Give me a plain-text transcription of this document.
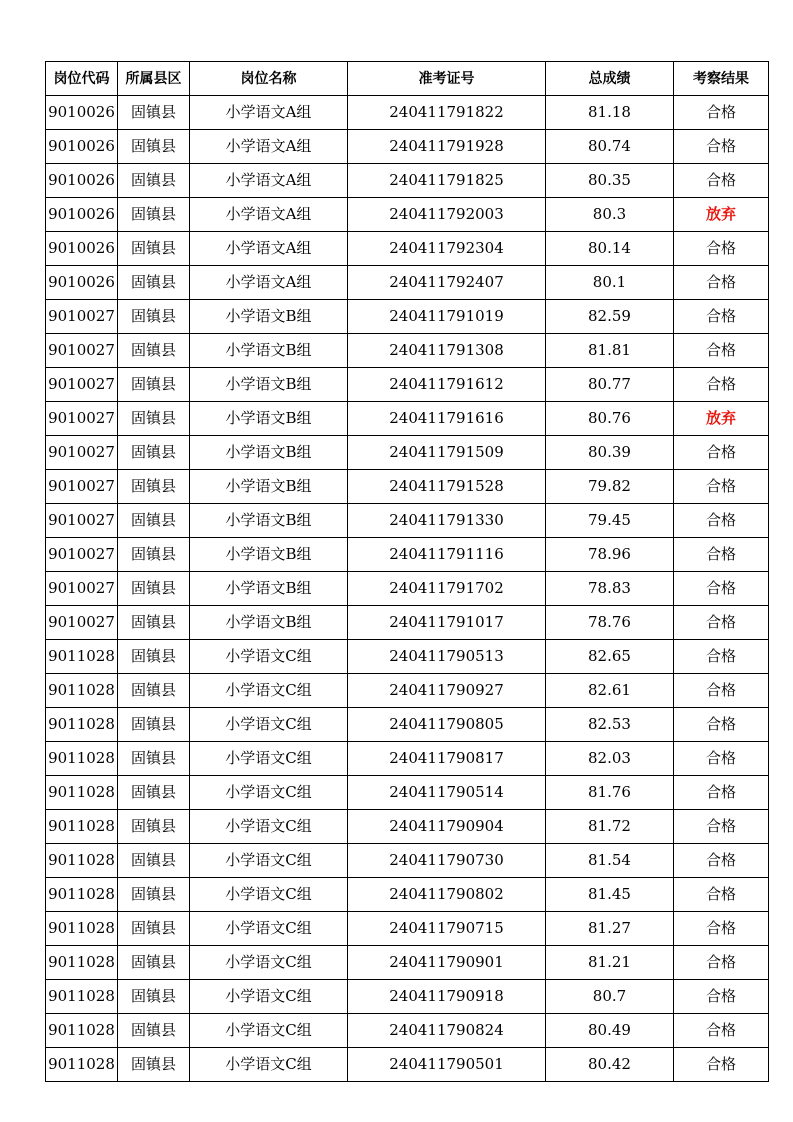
岗位代码	所属县区	岗位名称	准考证号	总成绩	考察结果
9010026	固镇县	小学语文A组	240411791822	81.18	合格
9010026	固镇县	小学语文A组	240411791928	80.74	合格
9010026	固镇县	小学语文A组	240411791825	80.35	合格
9010026	固镇县	小学语文A组	240411792003	80.3	放弃
9010026	固镇县	小学语文A组	240411792304	80.14	合格
9010026	固镇县	小学语文A组	240411792407	80.1	合格
9010027	固镇县	小学语文B组	240411791019	82.59	合格
9010027	固镇县	小学语文B组	240411791308	81.81	合格
9010027	固镇县	小学语文B组	240411791612	80.77	合格
9010027	固镇县	小学语文B组	240411791616	80.76	放弃
9010027	固镇县	小学语文B组	240411791509	80.39	合格
9010027	固镇县	小学语文B组	240411791528	79.82	合格
9010027	固镇县	小学语文B组	240411791330	79.45	合格
9010027	固镇县	小学语文B组	240411791116	78.96	合格
9010027	固镇县	小学语文B组	240411791702	78.83	合格
9010027	固镇县	小学语文B组	240411791017	78.76	合格
9011028	固镇县	小学语文C组	240411790513	82.65	合格
9011028	固镇县	小学语文C组	240411790927	82.61	合格
9011028	固镇县	小学语文C组	240411790805	82.53	合格
9011028	固镇县	小学语文C组	240411790817	82.03	合格
9011028	固镇县	小学语文C组	240411790514	81.76	合格
9011028	固镇县	小学语文C组	240411790904	81.72	合格
9011028	固镇县	小学语文C组	240411790730	81.54	合格
9011028	固镇县	小学语文C组	240411790802	81.45	合格
9011028	固镇县	小学语文C组	240411790715	81.27	合格
9011028	固镇县	小学语文C组	240411790901	81.21	合格
9011028	固镇县	小学语文C组	240411790918	80.7	合格
9011028	固镇县	小学语文C组	240411790824	80.49	合格
9011028	固镇县	小学语文C组	240411790501	80.42	合格
